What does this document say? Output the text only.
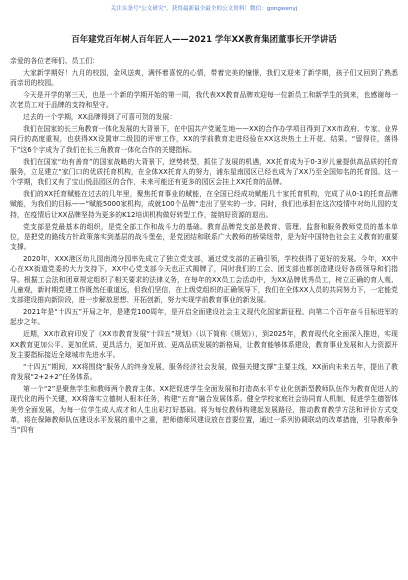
关注头条号"公文研究"，获得最新最全最全的公文资料！微信：gongwenyj
百年建党百年树人百年匠人——2021 学年XX教育集团董事长开学讲话

亲爱的各位老师们、员工们：

大家新学期好！九月的校园，金风送爽，满怀着喜悦的心情，带着完美的憧憬，我们又迎来了新学期，孩子们又回到了熟悉而亲切的校园。

今天是开学的第三天，也是一个新的学期开始的第一周，我代表XX教育品牌欢迎每一位新员工和新学生的到来，也感谢每一次老员工对于品牌的支持和坚守。

过去的一个学期，XX品牌得到了可喜可贺的发展：

我们在国家的长三角教育一体化发展的大背景下，在中国共产党诞生地——XX的合作办学项目得到了XX市政府、专家、业界同行的高度重视，也获得XX设置审二级园的评审工作，XX的学前教育走进经验在XX这块热土上开花、结果。“留得住，落得下”这6个字成为了我们在长三角教育一体化合作的关键指标。

我们在国家“幼有善育”的国家战略的大背景下，逆势转型，抓住了发展的机遇，XX托育成为于0-3岁儿童提供高品质的托育服务，立足建立“家门口的优质托育机构，在全体XX托育人的努力，浦东星南园区已经也成为了XX乃至全国知名的托育园。这一个学期，我们又有了宝山悦品园区的合作，未来可能还有更多的园区会挂上XX托育的品牌。

我们的XX托育赋能在过去的几年里，聚焦托育事业的赋能，在全国已经成功赋能几十家托育机构，完成了从0-1的托育品牌赋能，为我们的目标——“赋能5000家机构，成就100个品牌”走出了坚实的一步。同时，我们也承担在这次疫情中对幼儿园的支持，在疫情后让XX品牌坚持为更多的K12培训机构做好转型工作，接纳好资源的退出。

党支部是党最基本的组织，是党全部工作和战斗力的基础。教育品牌党支部是教育、管理、监督和服务教师党员的基本单位，是把党的路线方针政策落实到基层的战斗堡垒，是党团结和联系广大教师的桥梁纽带，是为好中国特色社会主义教育的重要支撑。

2020年，XXX港区幼儿园南湾分园率先成立了独立党支部，通过党支部的正确引领，学校获得了更好的发展。今年，XX中心在XX街道党委的大力支持下，XX中心党支部今天也正式揭牌了，同时我们的工会、团支部也都创造建设好各级领导和们指导。根据工会法和团章规定组织了相关要求的法律义务，在每年的XX员工会活动中，为XX品牌优秀员工，树立正确的育人观、儿童观，新时期党建工作既然任重道远，但我们坚信，在上级党组织的正确领导下，我们在全体XX人员的共同努力下，一定能党支部建设推向新阶段，进一步解放思想、开拓创新，努力实现学前教育事业的新发展。

2021年是“十四五”开局之年，是建党100周年，是开启全面建设社会主义现代化国家新征程、向第二个百年奋斗目标进军的起步之年。

近期，XX市政府印发了《XX市教育发展“十四五”规划》（以下简称《规划》），到2025年，教育现代化全面深入推进，实现XX教育更加公平、更加优质、更具活力，更加开放、更高品质发展的新格局，让教育能够体系建设，教育事业发展和人力资源开发主要指标接近全球城市先进水平。

“十四五”期间，XX将围绕“服务人的终身发展，服务经济社会发展，做强关键支撑”主要主线，XX面向未来五年，提出了教育发展“2+2+2”任务体系。

第一个“2”是聚焦学生和教师两个教育主体。XX把促进学生全面发展和打造高水平专业化创新型教师队伍作为教育促进人的现代化的两个关键，XX将落实立德树人根本任务，构建“五育”融合发展体系。健全学校家庭社会协同育人机制，促进学生德智体美劳全面发展，为每一位学生成人成才和人生出彩打好基础。将为每位教师构建起发展路径，推动教育教学方法和评价方式变革，将在保障教师队伍建设水平发展的重中之重，把师德师风建设放在首要位置，通过一系列协调联动的改革措施，引导教师争当“四有
